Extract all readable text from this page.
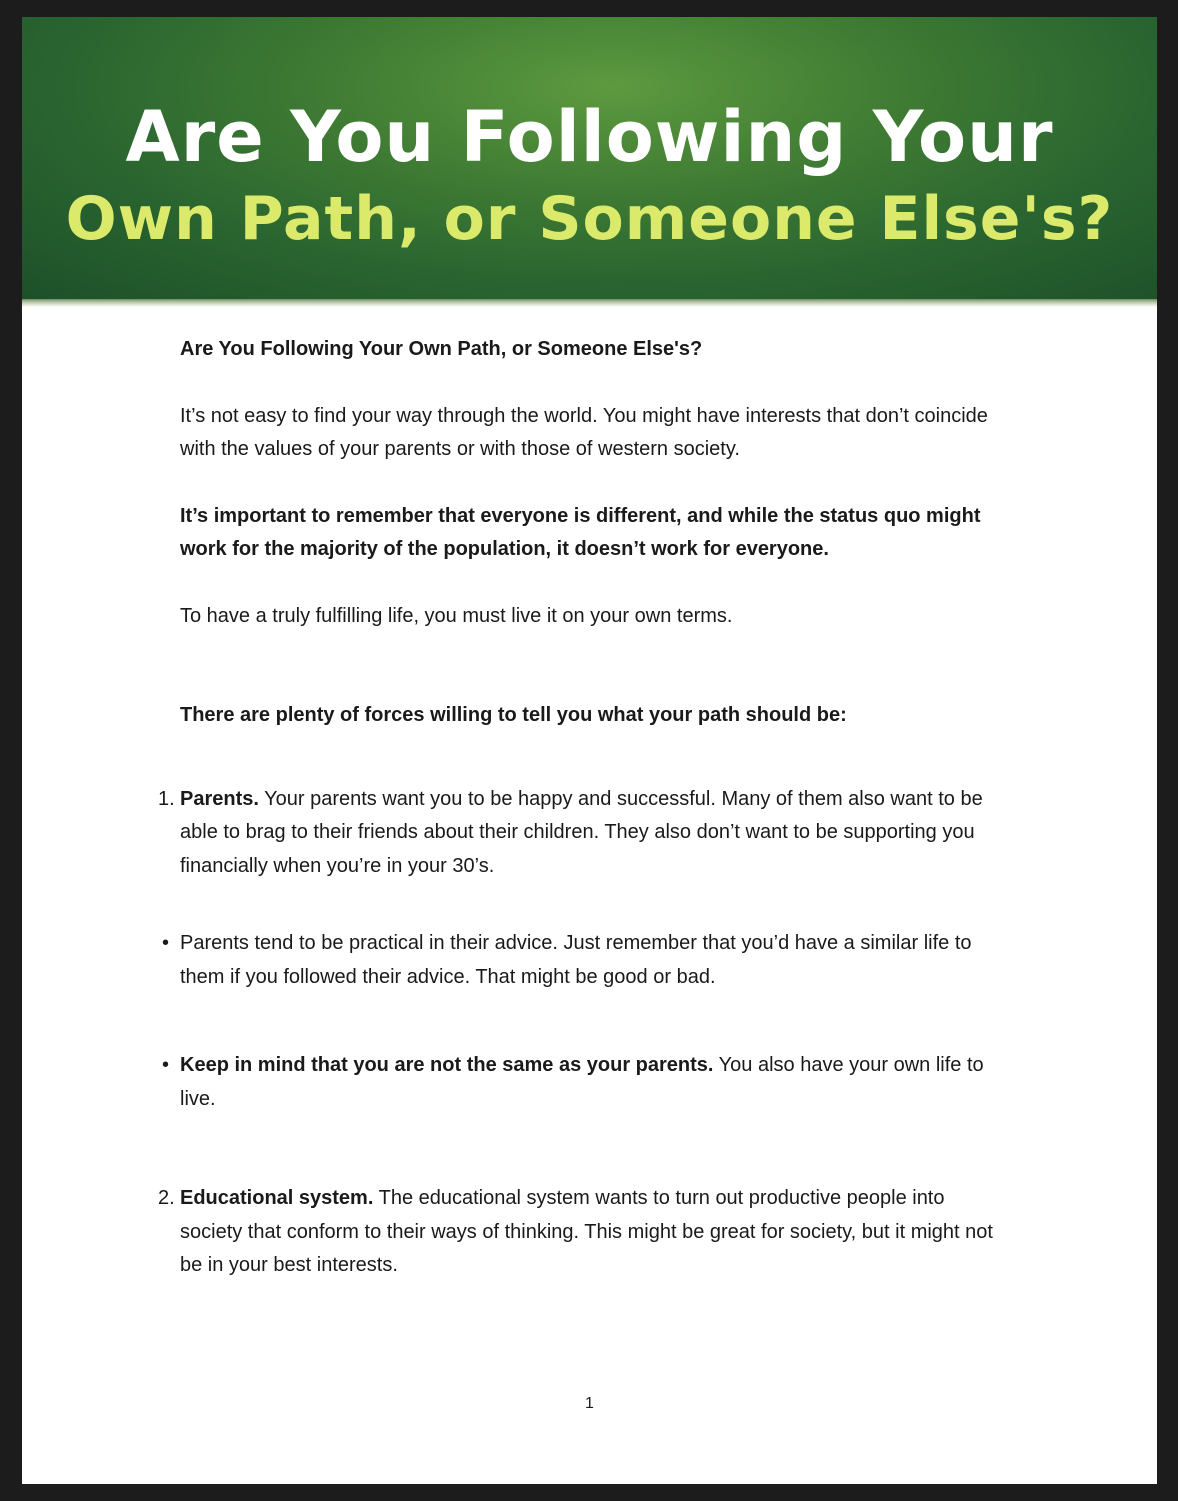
Are You Following Your
Own Path, or Someone Else's?

Are You Following Your Own Path, or Someone Else's?

It’s not easy to find your way through the world. You might have interests that don’t coincide with the values of your parents or with those of western society.

It’s important to remember that everyone is different, and while the status quo might work for the majority of the population, it doesn’t work for everyone.

To have a truly fulfilling life, you must live it on your own terms.

There are plenty of forces willing to tell you what your path should be:

1. Parents. Your parents want you to be happy and successful. Many of them also want to be able to brag to their friends about their children. They also don’t want to be supporting you financially when you’re in your 30’s.

• Parents tend to be practical in their advice. Just remember that you’d have a similar life to them if you followed their advice. That might be good or bad.

• Keep in mind that you are not the same as your parents. You also have your own life to live.

2. Educational system. The educational system wants to turn out productive people into society that conform to their ways of thinking. This might be great for society, but it might not be in your best interests.

1
